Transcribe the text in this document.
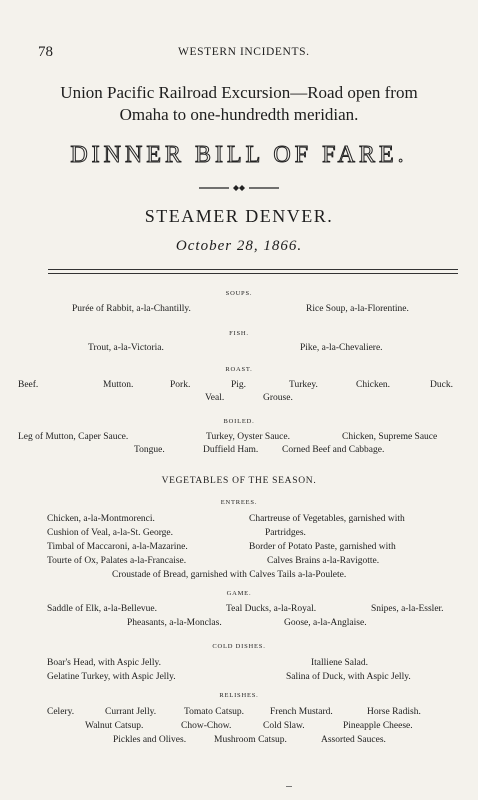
78	WESTERN INCIDENTS.
Union Pacific Railroad Excursion—Road open from
Omaha to one-hundredth meridian.
DINNER BILL OF FARE.
STEAMER DENVER.
October 28, 1866.
SOUPS.
Purée of Rabbit, a-la-Chantilly.	Rice Soup, a-la-Florentine.
FISH.
Trout, a-la-Victoria.	Pike, a-la-Chevaliere.
ROAST.
Beef.	Mutton.	Pork.	Pig.	Turkey.	Chicken.	Duck.
Veal.	Grouse.
BOILED.
Leg of Mutton, Caper Sauce.	Turkey, Oyster Sauce.	Chicken, Supreme Sauce
Tongue.	Duffield Ham.	Corned Beef and Cabbage.
VEGETABLES OF THE SEASON.
ENTREES.
Chicken, a-la-Montmorenci.	Chartreuse of Vegetables, garnished with
Cushion of Veal, a-la-St. George.	Partridges.
Timbal of Maccaroni, a-la-Mazarine.	Border of Potato Paste, garnished with
Tourte of Ox, Palates a-la-Francaise.	Calves Brains a-la-Ravigotte.
Croustade of Bread, garnished with Calves Tails a-la-Poulete.
GAME.
Saddle of Elk, a-la-Bellevue.	Teal Ducks, a-la-Royal.	Snipes, a-la-Essler.
Pheasants, a-la-Monclas.	Goose, a-la-Anglaise.
COLD DISHES.
Boar's Head, with Aspic Jelly.	Italliene Salad.
Gelatine Turkey, with Aspic Jelly.	Salina of Duck, with Aspic Jelly.
RELISHES.
Celery.	Currant Jelly.	Tomato Catsup.	French Mustard.	Horse Radish.
Walnut Catsup.	Chow-Chow.	Cold Slaw.	Pineapple Cheese.
Pickles and Olives.	Mushroom Catsup.	Assorted Sauces.
